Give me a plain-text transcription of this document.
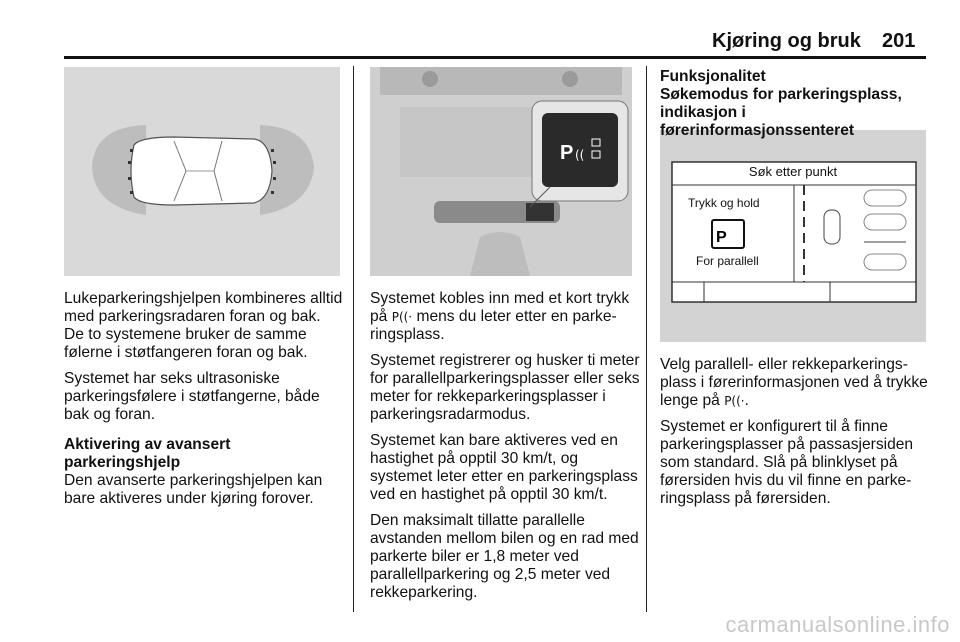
Kjøring og bruk 201
P ((
P
Søk etter punkt
Trykk og hold
For parallell

Lukeparkeringshjelpen kombineres alltid med parkeringsradaren foran og bak. De to systemene bruker de samme følerne i støtfangeren foran og bak.

Systemet har seks ultrasoniske parkeringsfølere i støtfangerne, både bak og foran.

Aktivering av avansert parkeringshjelp

Den avanserte parkeringshjelpen kan bare aktiveres under kjøring forover.

Systemet kobles inn med et kort trykk på P((· mens du leter etter en parkeringsplass.

Systemet registrerer og husker ti meter for parallellparkeringsplasser eller seks meter for rekkeparkeringsplasser i parkeringsradarmodus.

Systemet kan bare aktiveres ved en hastighet på opptil 30 km/t, og systemet leter etter en parkeringsplass ved en hastighet på opptil 30 km/t.

Den maksimalt tillatte parallelle avstanden mellom bilen og en rad med parkerte biler er 1,8 meter ved parallellparkering og 2,5 meter ved rekkeparkering.

Funksjonalitet
Søkemodus for parkeringsplass, indikasjon i førerinformasjonssenteret

Velg parallell- eller rekkeparkeringsplass i førerinformasjonen ved å trykke lenge på P((·.

Systemet er konfigurert til å finne parkeringsplasser på passasjersiden som standard. Slå på blinklyset på førersiden hvis du vil finne en parkeringsplass på førersiden.

carmanualsonline.info
